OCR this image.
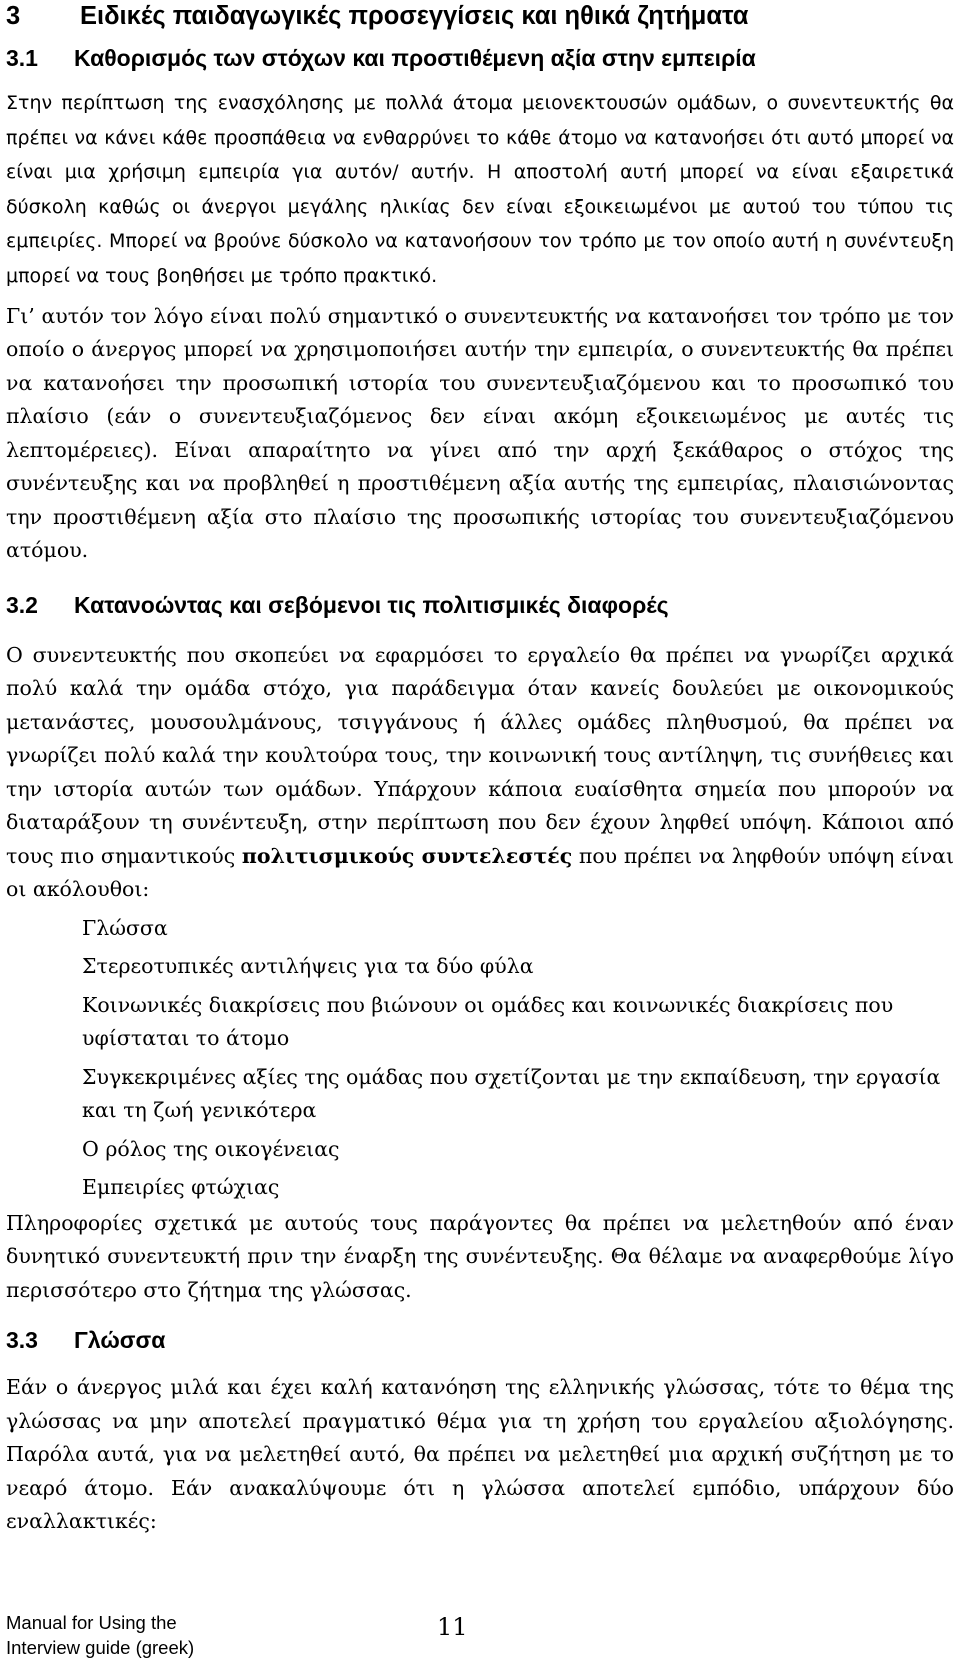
3 Ειδικές παιδαγωγικές προσεγγίσεις και ηθικά ζητήματα
3.1 Καθορισμός των στόχων και προστιθέμενη αξία στην εμπειρία

Στην περίπτωση της ενασχόλησης με πολλά άτομα μειονεκτουσών ομάδων, ο συνεντευκτής θα πρέπει να κάνει κάθε προσπάθεια να ενθαρρύνει το κάθε άτομο να κατανοήσει ότι αυτό μπορεί να είναι μια χρήσιμη εμπειρία για αυτόν/ αυτήν. Η αποστολή αυτή μπορεί να είναι εξαιρετικά δύσκολη καθώς οι άνεργοι μεγάλης ηλικίας δεν είναι εξοικειωμένοι με αυτού του τύπου τις εμπειρίες. Μπορεί να βρούνε δύσκολο να κατανοήσουν τον τρόπο με τον οποίο αυτή η συνέντευξη μπορεί να τους βοηθήσει με τρόπο πρακτικό.

Γι’ αυτόν τον λόγο είναι πολύ σημαντικό ο συνεντευκτής να κατανοήσει τον τρόπο με τον οποίο ο άνεργος μπορεί να χρησιμοποιήσει αυτήν την εμπειρία, ο συνεντευκτής θα πρέπει να κατανοήσει την προσωπική ιστορία του συνεντευξιαζόμενου και το προσωπικό του πλαίσιο (εάν ο συνεντευξιαζόμενος δεν είναι ακόμη εξοικειωμένος με αυτές τις λεπτομέρειες). Είναι απαραίτητο να γίνει από την αρχή ξεκάθαρος ο στόχος της συνέντευξης και να προβληθεί η προστιθέμενη αξία αυτής της εμπειρίας, πλαισιώνοντας την προστιθέμενη αξία στο πλαίσιο της προσωπικής ιστορίας του συνεντευξιαζόμενου ατόμου.

3.2 Κατανοώντας και σεβόμενοι τις πολιτισμικές διαφορές

Ο συνεντευκτής που σκοπεύει να εφαρμόσει το εργαλείο θα πρέπει να γνωρίζει αρχικά πολύ καλά την ομάδα στόχο, για παράδειγμα όταν κανείς δουλεύει με οικονομικούς μετανάστες, μουσουλμάνους, τσιγγάνους ή άλλες ομάδες πληθυσμού, θα πρέπει να γνωρίζει πολύ καλά την κουλτούρα τους, την κοινωνική τους αντίληψη, τις συνήθειες και την ιστορία αυτών των ομάδων. Υπάρχουν κάποια ευαίσθητα σημεία που μπορούν να διαταράξουν τη συνέντευξη, στην περίπτωση που δεν έχουν ληφθεί υπόψη. Κάποιοι από τους πιο σημαντικούς πολιτισμικούς συντελεστές που πρέπει να ληφθούν υπόψη είναι οι ακόλουθοι:

Γλώσσα

Στερεοτυπικές αντιλήψεις για τα δύο φύλα

Κοινωνικές διακρίσεις που βιώνουν οι ομάδες και κοινωνικές διακρίσεις που υφίσταται το άτομο

Συγκεκριμένες αξίες της ομάδας που σχετίζονται με την εκπαίδευση, την εργασία και τη ζωή γενικότερα

Ο ρόλος της οικογένειας

Εμπειρίες φτώχιας

Πληροφορίες σχετικά με αυτούς τους παράγοντες θα πρέπει να μελετηθούν από έναν δυνητικό συνεντευκτή πριν την έναρξη της συνέντευξης. Θα θέλαμε να αναφερθούμε λίγο περισσότερο στο ζήτημα της γλώσσας.

3.3 Γλώσσα

Εάν ο άνεργος μιλά και έχει καλή κατανόηση της ελληνικής γλώσσας, τότε το θέμα της γλώσσας να μην αποτελεί πραγματικό θέμα για τη χρήση του εργαλείου αξιολόγησης. Παρόλα αυτά, για να μελετηθεί αυτό, θα πρέπει να μελετηθεί μια αρχική συζήτηση με το νεαρό άτομο. Εάν ανακαλύψουμε ότι η γλώσσα αποτελεί εμπόδιο, υπάρχουν δύο εναλλακτικές:

Manual for Using the
Interview guide (greek)
11
